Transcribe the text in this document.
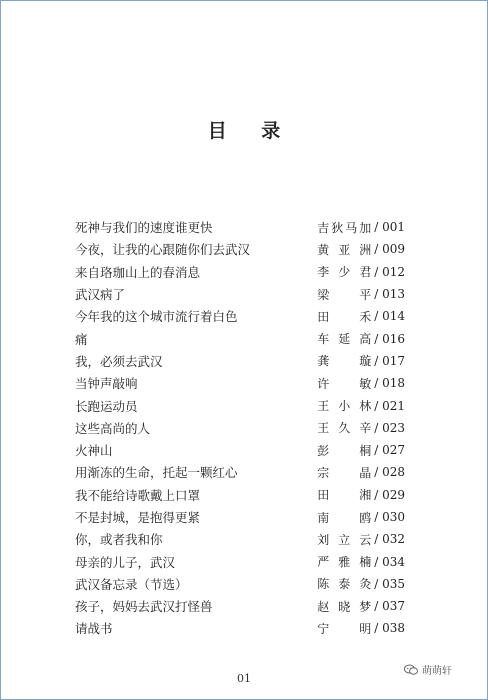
目 录
死神与我们的速度谁更快	吉狄马加 / 001
今夜，让我的心跟随你们去武汉	黄亚洲 / 009
来自珞珈山上的春消息	李少君 / 012
武汉病了	梁 平 / 013
今年我的这个城市流行着白色	田 禾 / 014
痛	车延高 / 016
我，必须去武汉	龚 璇 / 017
当钟声敲响	许 敏 / 018
长跑运动员	王小林 / 021
这些高尚的人	王久辛 / 023
火神山	彭 桐 / 027
用渐冻的生命，托起一颗红心	宗 晶 / 028
我不能给诗歌戴上口罩	田 湘 / 029
不是封城，是抱得更紧	南 鸥 / 030
你，或者我和你	刘立云 / 032
母亲的儿子，武汉	严雅楠 / 034
武汉备忘录（节选）	陈泰灸 / 035
孩子，妈妈去武汉打怪兽	赵晓梦 / 037
请战书	宁 明 / 038
01
萌萌轩
